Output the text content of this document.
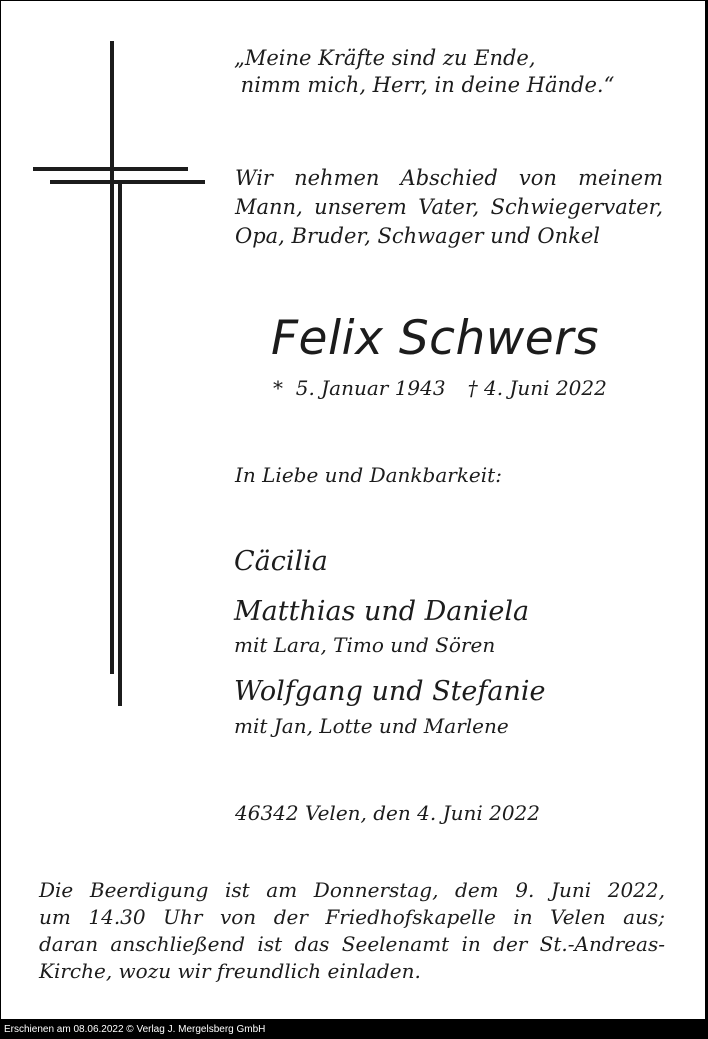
„Meine Kräfte sind zu Ende,
nimm mich, Herr, in deine Hände.“

Wir nehmen Abschied von meinem
Mann, unserem Vater, Schwiegervater,
Opa, Bruder, Schwager und Onkel

Felix Schwers

*  5. Januar 1943 † 4. Juni 2022

In Liebe und Dankbarkeit:

Cäcilia

Matthias und Daniela

mit Lara, Timo und Sören

Wolfgang und Stefanie

mit Jan, Lotte und Marlene

46342 Velen, den 4. Juni 2022

Die Beerdigung ist am Donnerstag, dem 9. Juni 2022,
um 14.30 Uhr von der Friedhofskapelle in Velen aus;
daran anschließend ist das Seelenamt in der St.-Andreas-
Kirche, wozu wir freundlich einladen.

Erschienen am 08.06.2022 © Verlag J. Mergelsberg GmbH
